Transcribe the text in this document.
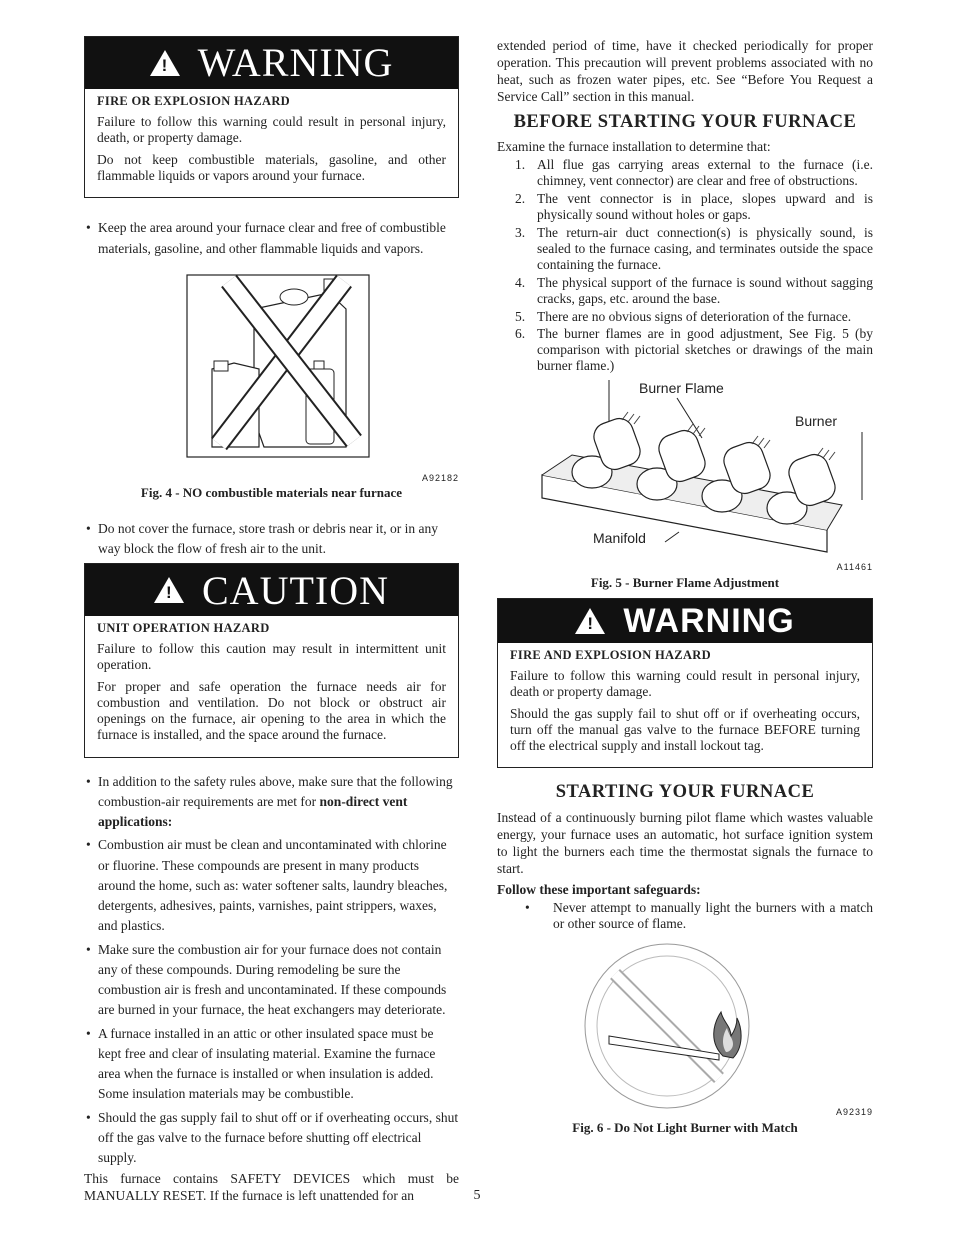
!
WARNING
FIRE OR EXPLOSION HAZARD

Failure to follow this warning could result in personal injury, death, or property damage.

Do not keep combustible materials, gasoline, and other flammable liquids or vapors around your furnace.

• Keep the area around your furnace clear and free of combustible materials, gasoline, and other flammable liquids and vapors.
A92182
Fig. 4 - NO combustible materials near furnace
• Do not cover the furnace, store trash or debris near it, or in any way block the flow of fresh air to the unit.
!
CAUTION
UNIT OPERATION HAZARD

Failure to follow this caution may result in intermittent unit operation.

For proper and safe operation the furnace needs air for combustion and ventilation. Do not block or obstruct air openings on the furnace, air opening to the area in which the furnace is installed, and the space around the furnace.

• In addition to the safety rules above, make sure that the following combustion-air requirements are met for non-direct vent applications:
• Combustion air must be clean and uncontaminated with chlorine or fluorine. These compounds are present in many products around the home, such as: water softener salts, laundry bleaches, detergents, adhesives, paints, varnishes, paint strippers, waxes, and plastics.
• Make sure the combustion air for your furnace does not contain any of these compounds. During remodeling be sure the combustion air is fresh and uncontaminated. If these compounds are burned in your furnace, the heat exchangers may deteriorate.
• A furnace installed in an attic or other insulated space must be kept free and clear of insulating material. Examine the furnace area when the furnace is installed or when insulation is added. Some insulation materials may be combustible.
• Should the gas supply fail to shut off or if overheating occurs, shut off the gas valve to the furnace before shutting off electrical supply.

This furnace contains SAFETY DEVICES which must be MANUALLY RESET. If the furnace is left unattended for an

extended period of time, have it checked periodically for proper operation. This precaution will prevent problems associated with no heat, such as frozen water pipes, etc. See “Before You Request a Service Call” section in this manual.

BEFORE STARTING YOUR FURNACE

Examine the furnace installation to determine that:

1. All flue gas carrying areas external to the furnace (i.e. chimney, vent connector) are clear and free of obstructions.
2. The vent connector is in place, slopes upward and is physically sound without holes or gaps.
3. The return-air duct connection(s) is physically sound, is sealed to the furnace casing, and terminates outside the space containing the furnace.
4. The physical support of the furnace is sound without sagging cracks, gaps, etc. around the base.
5. There are no obvious signs of deterioration of the furnace.
6. The burner flames are in good adjustment, See Fig. 5 (by comparison with pictorial sketches or drawings of the main burner flame.)
Burner Flame
Burner
Manifold
A11461
Fig. 5 - Burner Flame Adjustment
!
WARNING
FIRE AND EXPLOSION HAZARD

Failure to follow this warning could result in personal injury, death or property damage.

Should the gas supply fail to shut off or if overheating occurs, turn off the manual gas valve to the furnace BEFORE turning off the electrical supply and install lockout tag.

STARTING YOUR FURNACE

Instead of a continuously burning pilot flame which wastes valuable energy, your furnace uses an automatic, hot surface ignition system to light the burners each time the thermostat signals the furnace to start.

Follow these important safeguards:

• Never attempt to manually light the burners with a match or other source of flame.
A92319
Fig. 6 - Do Not Light Burner with Match
5
